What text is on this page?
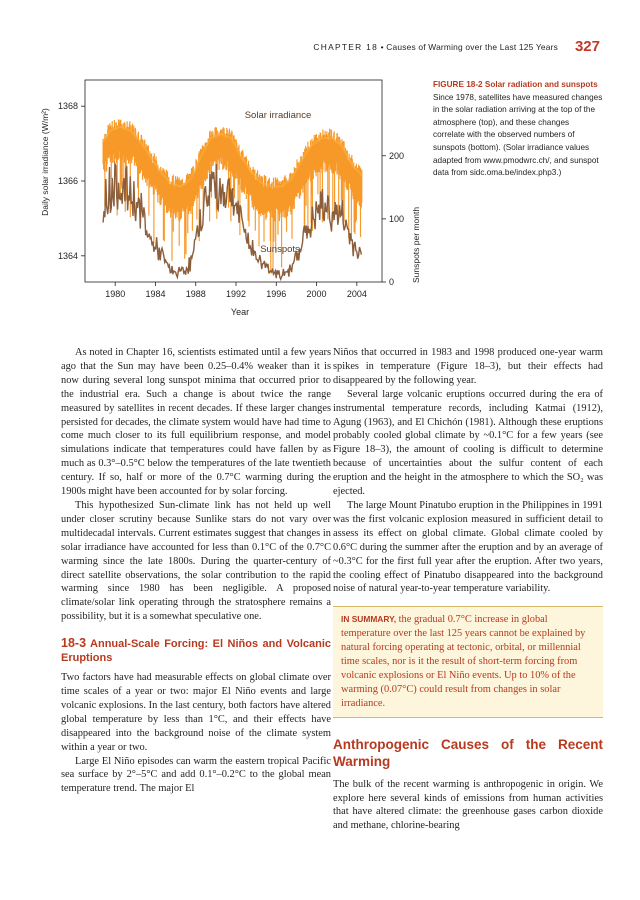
CHAPTER 18 • Causes of Warming over the Last 125 Years 327
1980 1984 1988 1992 1996 2000 2004
1368
1366
1364
200
100
0
Year
Daily solar irradiance (W/m²)
Sunspots per month
Solar irradiance
Sunspots
FIGURE 18-2 Solar radiation and sunspots Since 1978, satellites have measured changes in the solar radiation arriving at the top of the atmosphere (top), and these changes correlate with the observed numbers of sunspots (bottom). (Solar irradiance values adapted from www.pmodwrc.ch/, and sunspot data from sidc.oma.be/index.php3.)

As noted in Chapter 16, scientists estimated until a few years ago that the Sun may have been 0.25–0.4% weaker than it is now during several long sunspot minima that occurred prior to the industrial era. Such a change is about twice the range measured by satellites in recent decades. If these larger changes persisted for decades, the climate system would have had time to come much closer to its full equilibrium response, and model simulations indicate that temperatures could have fallen by as much as 0.3°–0.5°C below the temperatures of the late twentieth century. If so, half or more of the 0.7°C warming during the 1900s might have been accounted for by solar forcing.

This hypothesized Sun-climate link has not held up well under closer scrutiny because Sunlike stars do not vary over multidecadal intervals. Current estimates suggest that changes in solar irradiance have accounted for less than 0.1°C of the 0.7°C warming since the late 1800s. During the quarter-century of direct satellite observations, the solar contribution to the rapid warming since 1980 has been negligible. A proposed climate/solar link operating through the stratosphere remains a possibility, but it is a somewhat speculative one.

18-3 Annual-Scale Forcing: El Niños and Volcanic Eruptions

Two factors have had measurable effects on global climate over time scales of a year or two: major El Niño events and large volcanic explosions. In the last century, both factors have altered global temperature by less than 1°C, and their effects have disappeared into the background noise of the climate system within a year or two.

Large El Niño episodes can warm the eastern tropical Pacific sea surface by 2°–5°C and add 0.1°–0.2°C to the global mean temperature trend. The major El

Niños that occurred in 1983 and 1998 produced one-year warm spikes in temperature (Figure 18–3), but their effects had disappeared by the following year.

Several large volcanic eruptions occurred during the era of instrumental temperature records, including Katmai (1912), Agung (1963), and El Chichón (1981). Although these eruptions probably cooled global climate by ~0.1°C for a few years (see Figure 18–3), the amount of cooling is difficult to determine because of uncertainties about the sulfur content of each eruption and the height in the atmosphere to which the SO₂ was ejected.

The large Mount Pinatubo eruption in the Philippines in 1991 was the first volcanic explosion measured in sufficient detail to assess its effect on global climate. Global climate cooled by 0.6°C during the summer after the eruption and by an average of ~0.3°C for the first full year after the eruption. After two years, the cooling effect of Pinatubo disappeared into the background noise of natural year-to-year temperature variability.

IN SUMMARY, the gradual 0.7°C increase in global temperature over the last 125 years cannot be explained by natural forcing operating at tectonic, orbital, or millennial time scales, nor is it the result of short-term forcing from volcanic explosions or El Niño events. Up to 10% of the warming (0.07°C) could result from changes in solar irradiance.
Anthropogenic Causes of the Recent Warming

The bulk of the recent warming is anthropogenic in origin. We explore here several kinds of emissions from human activities that have altered climate: the greenhouse gases carbon dioxide and methane, chlorine-bearing
